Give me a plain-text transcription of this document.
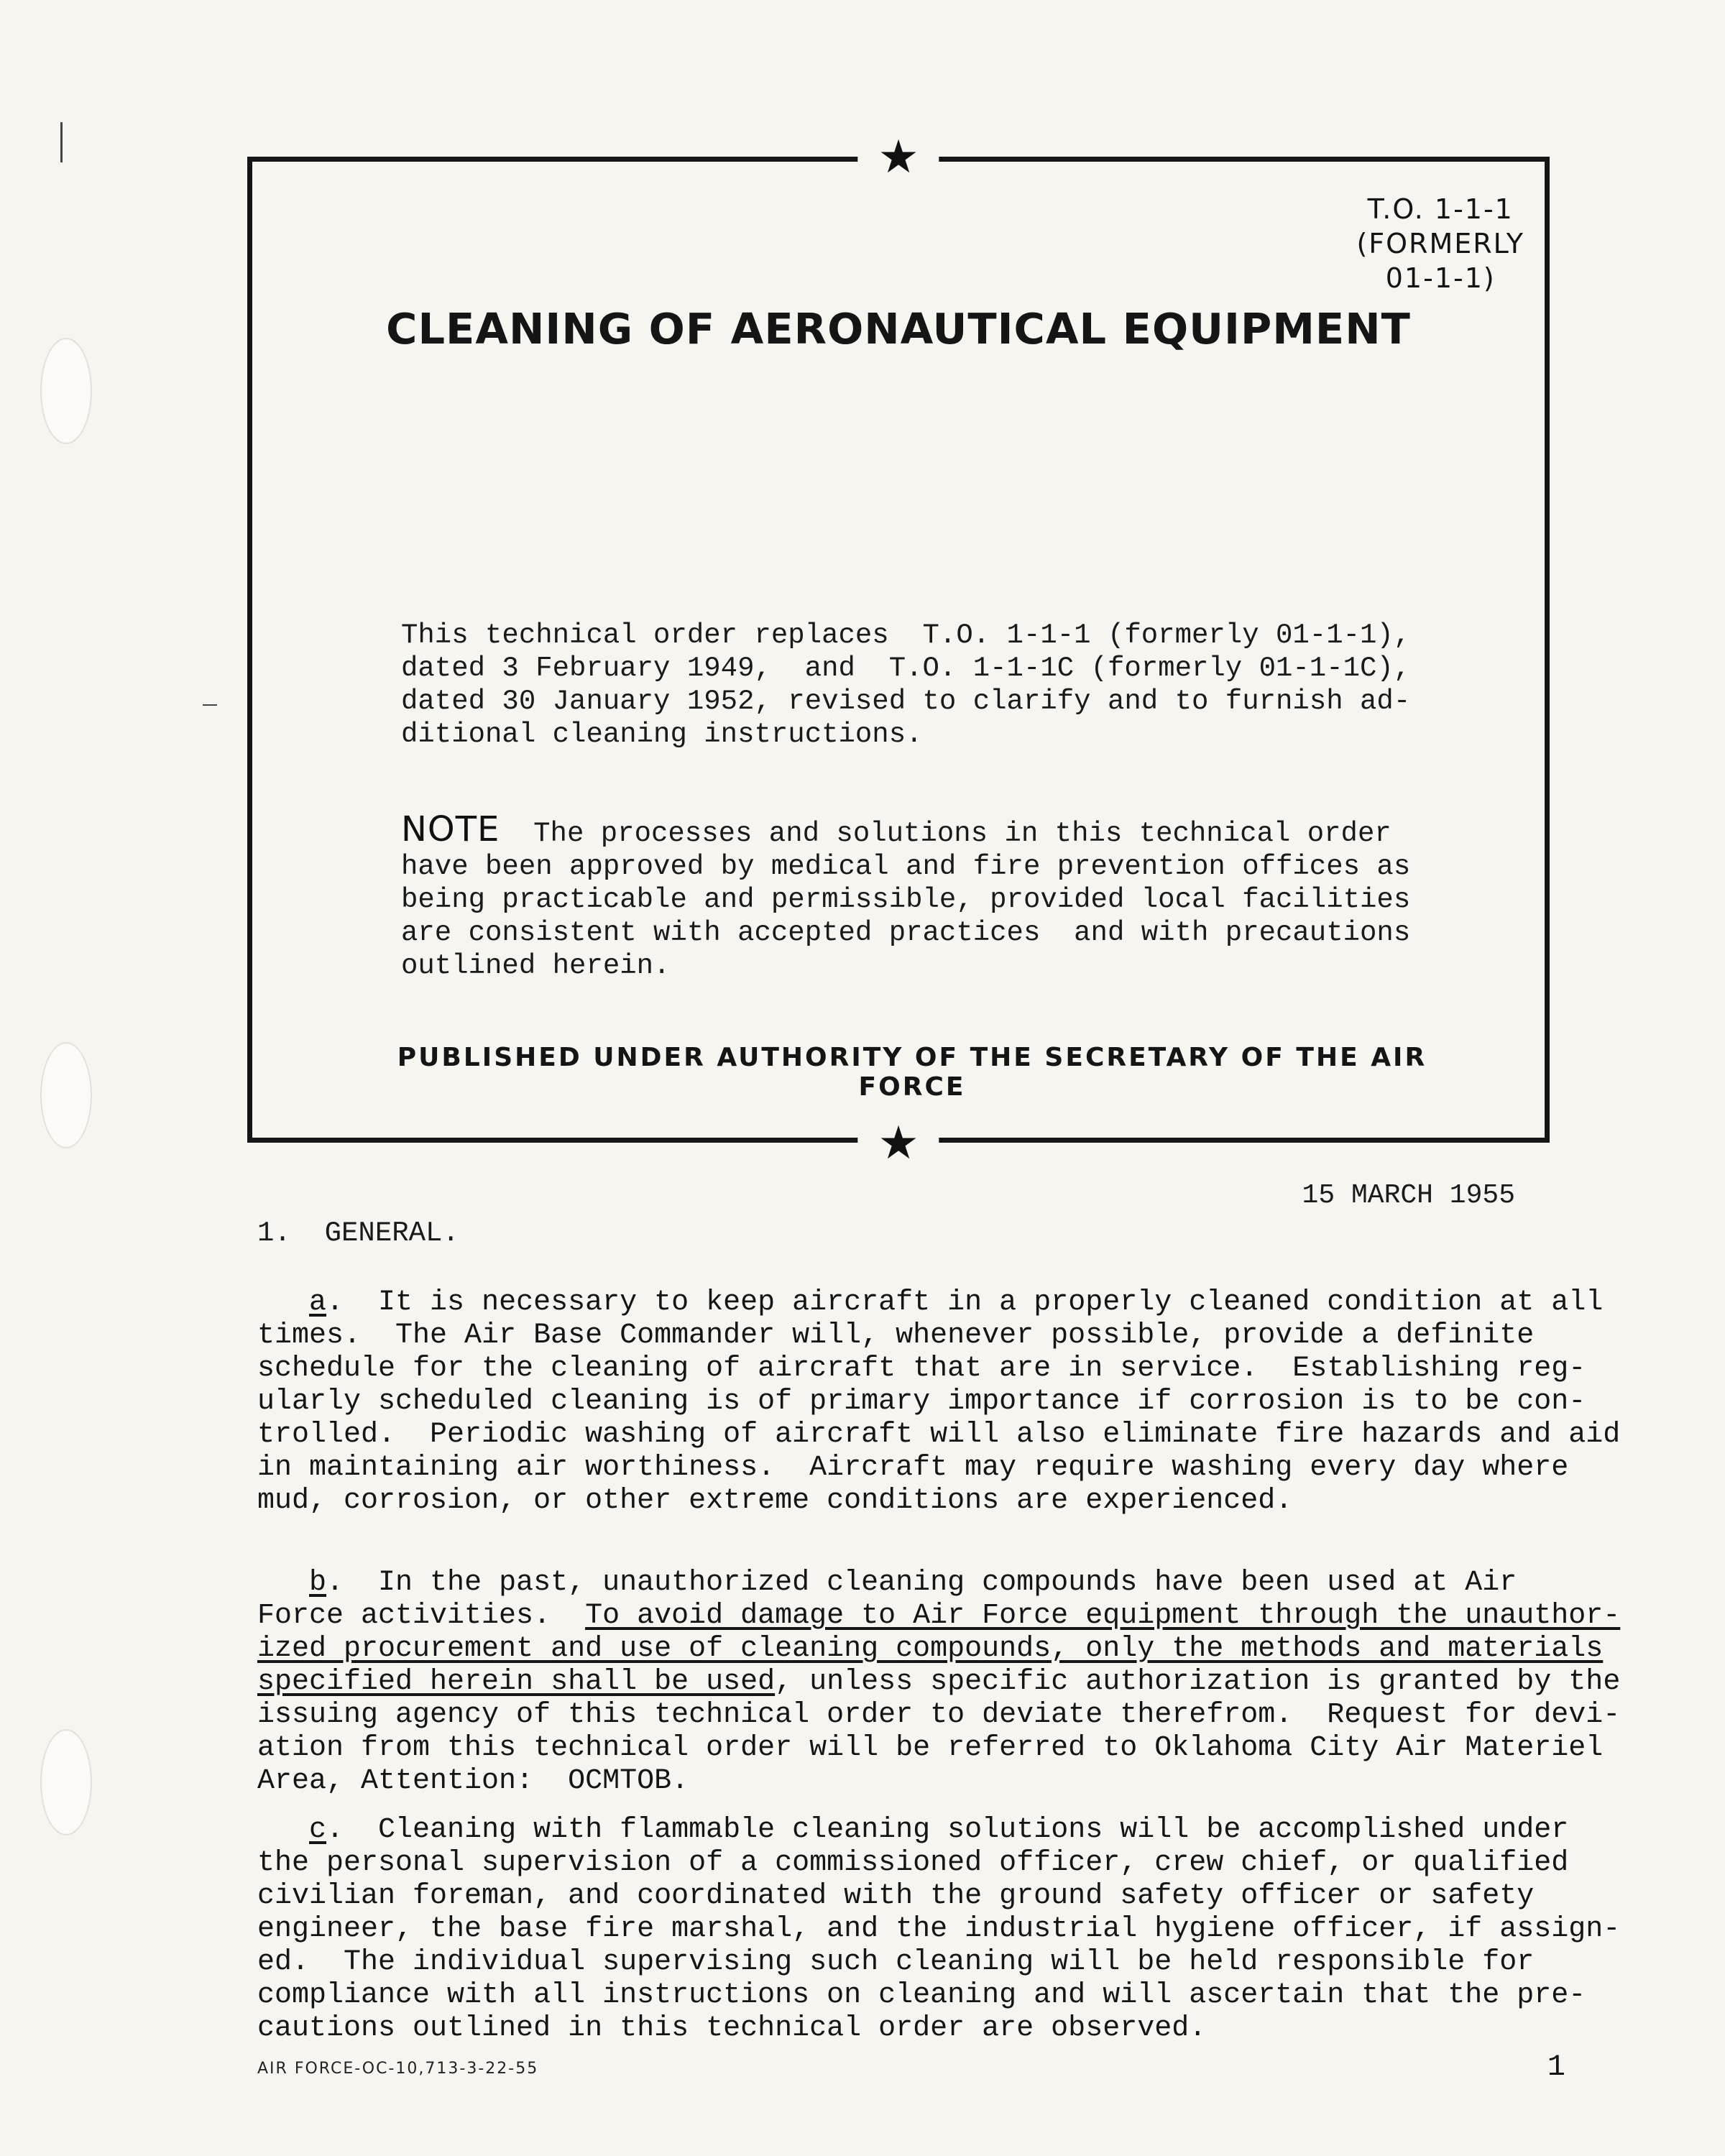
★
★
T.O. 1-1-1
(FORMERLY
01-1-1)
CLEANING OF AERONAUTICAL EQUIPMENT
This technical order replaces  T.O. 1-1-1 (formerly 01-1-1),
dated 3 February 1949,  and  T.O. 1-1-1C (formerly 01-1-1C),
dated 30 January 1952, revised to clarify and to furnish ad-
ditional cleaning instructions.
NOTE  The processes and solutions in this technical order
have been approved by medical and fire prevention offices as
being practicable and permissible, provided local facilities
are consistent with accepted practices  and with precautions
outlined herein.
PUBLISHED UNDER AUTHORITY OF THE SECRETARY OF THE AIR FORCE
15 MARCH 1955
1.  GENERAL.
a.  It is necessary to keep aircraft in a properly cleaned condition at all
times.  The Air Base Commander will, whenever possible, provide a definite
schedule for the cleaning of aircraft that are in service.  Establishing reg-
ularly scheduled cleaning is of primary importance if corrosion is to be con-
trolled.  Periodic washing of aircraft will also eliminate fire hazards and aid
in maintaining air worthiness.  Aircraft may require washing every day where
mud, corrosion, or other extreme conditions are experienced.
b.  In the past, unauthorized cleaning compounds have been used at Air
Force activities.  To avoid damage to Air Force equipment through the unauthor-
ized procurement and use of cleaning compounds, only the methods and materials
specified herein shall be used, unless specific authorization is granted by the
issuing agency of this technical order to deviate therefrom.  Request for devi-
ation from this technical order will be referred to Oklahoma City Air Materiel
Area, Attention:  OCMTOB.
c.  Cleaning with flammable cleaning solutions will be accomplished under
the personal supervision of a commissioned officer, crew chief, or qualified
civilian foreman, and coordinated with the ground safety officer or safety
engineer, the base fire marshal, and the industrial hygiene officer, if assign-
ed.  The individual supervising such cleaning will be held responsible for
compliance with all instructions on cleaning and will ascertain that the pre-
cautions outlined in this technical order are observed.
AIR FORCE-OC-10,713-3-22-55	1
